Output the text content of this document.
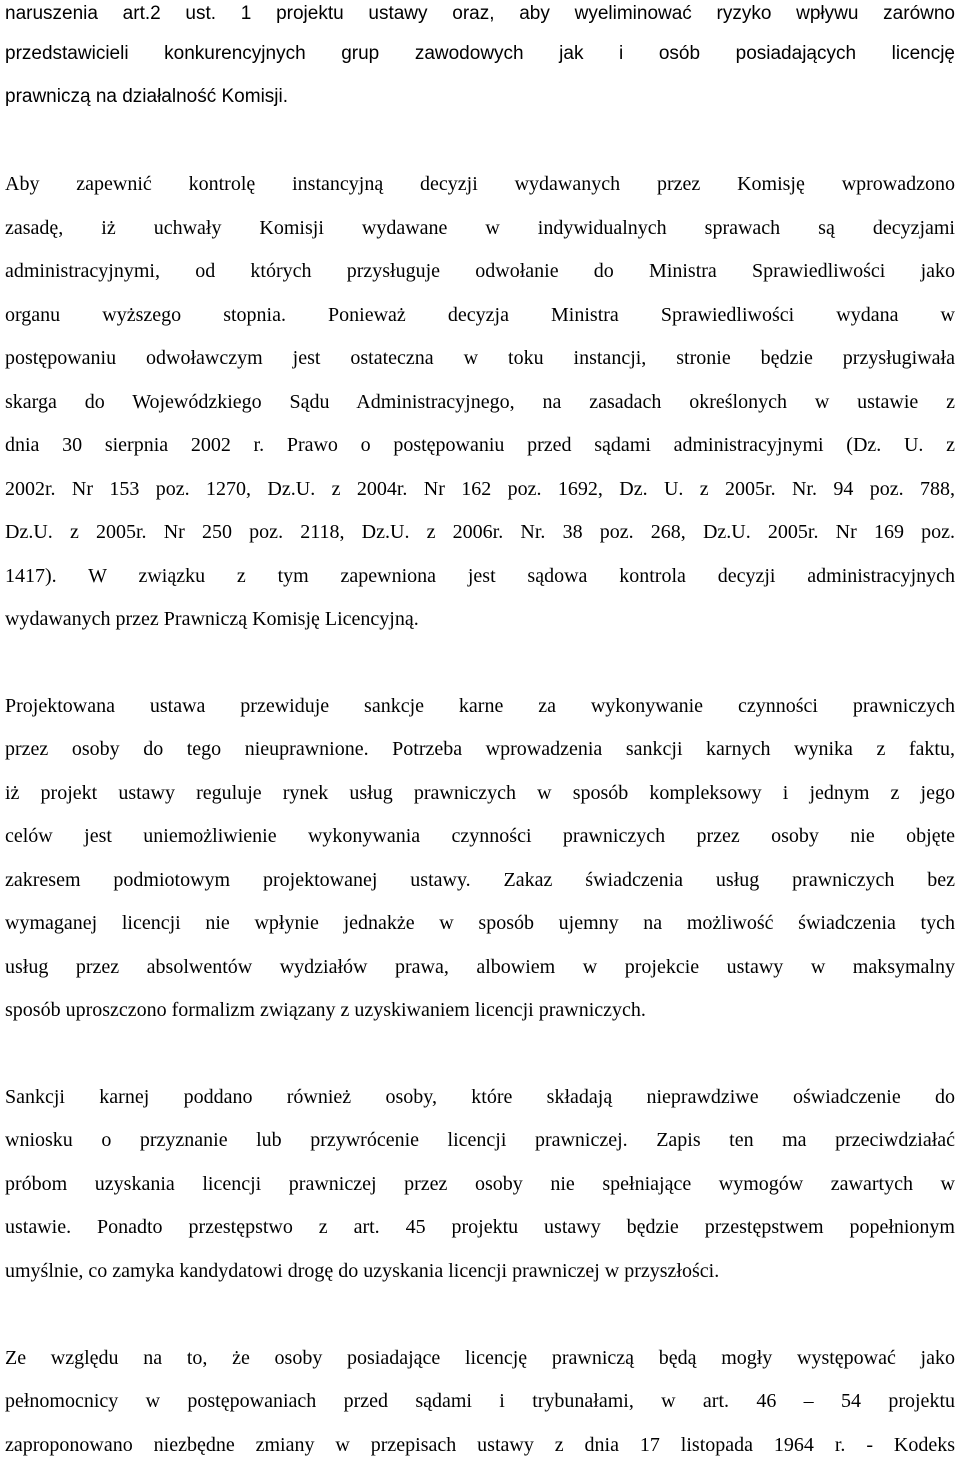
naruszenia art.2 ust. 1 projektu ustawy oraz, aby wyeliminować ryzyko wpływu zarówno
przedstawicieli konkurencyjnych grup zawodowych jak i osób posiadających licencję
prawniczą na działalność Komisji.
Aby zapewnić kontrolę instancyjną decyzji wydawanych przez Komisję wprowadzono
zasadę, iż uchwały Komisji wydawane w indywidualnych sprawach są decyzjami
administracyjnymi, od których przysługuje odwołanie do Ministra Sprawiedliwości jako
organu wyższego stopnia. Ponieważ decyzja Ministra Sprawiedliwości wydana w
postępowaniu odwoławczym jest ostateczna w toku instancji, stronie będzie przysługiwała
skarga do Wojewódzkiego Sądu Administracyjnego, na zasadach określonych w ustawie z
dnia 30 sierpnia 2002 r. Prawo o postępowaniu przed sądami administracyjnymi (Dz. U. z
2002r. Nr 153 poz. 1270, Dz.U. z 2004r. Nr 162 poz. 1692, Dz. U. z 2005r. Nr. 94 poz. 788,
Dz.U. z 2005r. Nr 250 poz. 2118, Dz.U. z 2006r. Nr. 38 poz. 268, Dz.U. 2005r. Nr 169 poz.
1417). W związku z tym zapewniona jest sądowa kontrola decyzji administracyjnych
wydawanych przez Prawniczą Komisję Licencyjną.
Projektowana ustawa przewiduje sankcje karne za wykonywanie czynności prawniczych
przez osoby do tego nieuprawnione. Potrzeba wprowadzenia sankcji karnych wynika z faktu,
iż projekt ustawy reguluje rynek usług prawniczych w sposób kompleksowy i jednym z jego
celów jest uniemożliwienie wykonywania czynności prawniczych przez osoby nie objęte
zakresem podmiotowym projektowanej ustawy. Zakaz świadczenia usług prawniczych bez
wymaganej licencji nie wpłynie jednakże w sposób ujemny na możliwość świadczenia tych
usług przez absolwentów wydziałów prawa, albowiem w projekcie ustawy w maksymalny
sposób uproszczono formalizm związany z uzyskiwaniem licencji prawniczych.
Sankcji karnej poddano również osoby, które składają nieprawdziwe oświadczenie do
wniosku o przyznanie lub przywrócenie licencji prawniczej. Zapis ten ma przeciwdziałać
próbom uzyskania licencji prawniczej przez osoby nie spełniające wymogów zawartych w
ustawie. Ponadto przestępstwo z art. 45 projektu ustawy będzie przestępstwem popełnionym
umyślnie, co zamyka kandydatowi drogę do uzyskania licencji prawniczej w przyszłości.
Ze względu na to, że osoby posiadające licencję prawniczą będą mogły występować jako
pełnomocnicy w postępowaniach przed sądami i trybunałami, w art. 46 – 54 projektu
zaproponowano niezbędne zmiany w przepisach ustawy z dnia 17 listopada 1964 r. - Kodeks
